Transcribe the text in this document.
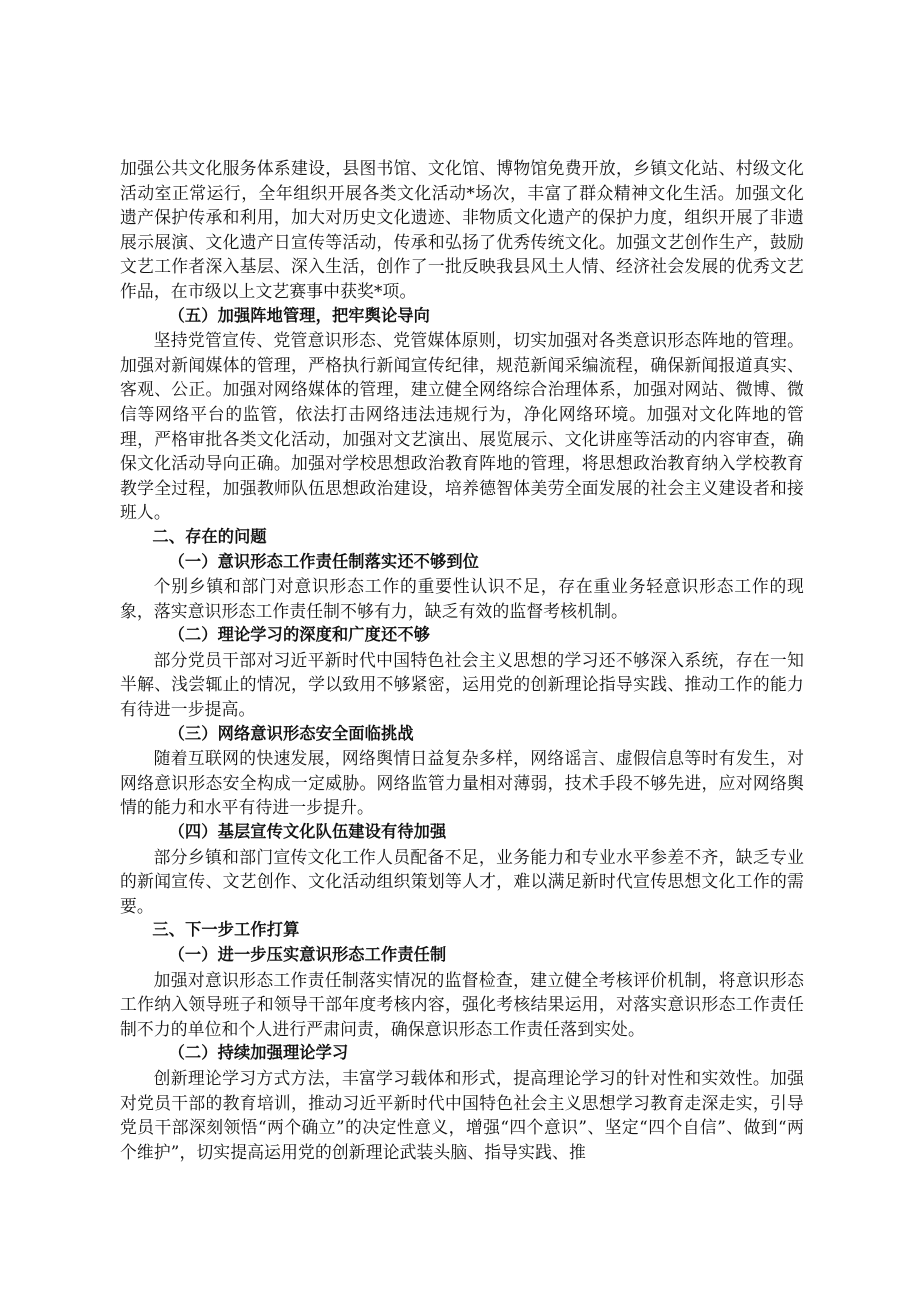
加强公共文化服务体系建设，县图书馆、文化馆、博物馆免费开放，乡镇文化站、村级文化活动室正常运行，全年组织开展各类文化活动*场次，丰富了群众精神文化生活。加强文化遗产保护传承和利用，加大对历史文化遗迹、非物质文化遗产的保护力度，组织开展了非遗展示展演、文化遗产日宣传等活动，传承和弘扬了优秀传统文化。加强文艺创作生产，鼓励文艺工作者深入基层、深入生活，创作了一批反映我县风土人情、经济社会发展的优秀文艺作品，在市级以上文艺赛事中获奖*项。

（五）加强阵地管理，把牢舆论导向

坚持党管宣传、党管意识形态、党管媒体原则，切实加强对各类意识形态阵地的管理。加强对新闻媒体的管理，严格执行新闻宣传纪律，规范新闻采编流程，确保新闻报道真实、客观、公正。加强对网络媒体的管理，建立健全网络综合治理体系，加强对网站、微博、微信等网络平台的监管，依法打击网络违法违规行为，净化网络环境。加强对文化阵地的管理，严格审批各类文化活动，加强对文艺演出、展览展示、文化讲座等活动的内容审查，确保文化活动导向正确。加强对学校思想政治教育阵地的管理，将思想政治教育纳入学校教育教学全过程，加强教师队伍思想政治建设，培养德智体美劳全面发展的社会主义建设者和接班人。

二、存在的问题

（一）意识形态工作责任制落实还不够到位

个别乡镇和部门对意识形态工作的重要性认识不足，存在重业务轻意识形态工作的现象，落实意识形态工作责任制不够有力，缺乏有效的监督考核机制。

（二）理论学习的深度和广度还不够

部分党员干部对习近平新时代中国特色社会主义思想的学习还不够深入系统，存在一知半解、浅尝辄止的情况，学以致用不够紧密，运用党的创新理论指导实践、推动工作的能力有待进一步提高。

（三）网络意识形态安全面临挑战

随着互联网的快速发展，网络舆情日益复杂多样，网络谣言、虚假信息等时有发生，对网络意识形态安全构成一定威胁。网络监管力量相对薄弱，技术手段不够先进，应对网络舆情的能力和水平有待进一步提升。

（四）基层宣传文化队伍建设有待加强

部分乡镇和部门宣传文化工作人员配备不足，业务能力和专业水平参差不齐，缺乏专业的新闻宣传、文艺创作、文化活动组织策划等人才，难以满足新时代宣传思想文化工作的需要。

三、下一步工作打算

（一）进一步压实意识形态工作责任制

加强对意识形态工作责任制落实情况的监督检查，建立健全考核评价机制，将意识形态工作纳入领导班子和领导干部年度考核内容，强化考核结果运用，对落实意识形态工作责任制不力的单位和个人进行严肃问责，确保意识形态工作责任落到实处。

（二）持续加强理论学习

创新理论学习方式方法，丰富学习载体和形式，提高理论学习的针对性和实效性。加强对党员干部的教育培训，推动习近平新时代中国特色社会主义思想学习教育走深走实，引导党员干部深刻领悟“两个确立”的决定性意义，增强“四个意识”、坚定“四个自信”、做到“两个维护”，切实提高运用党的创新理论武装头脑、指导实践、推
